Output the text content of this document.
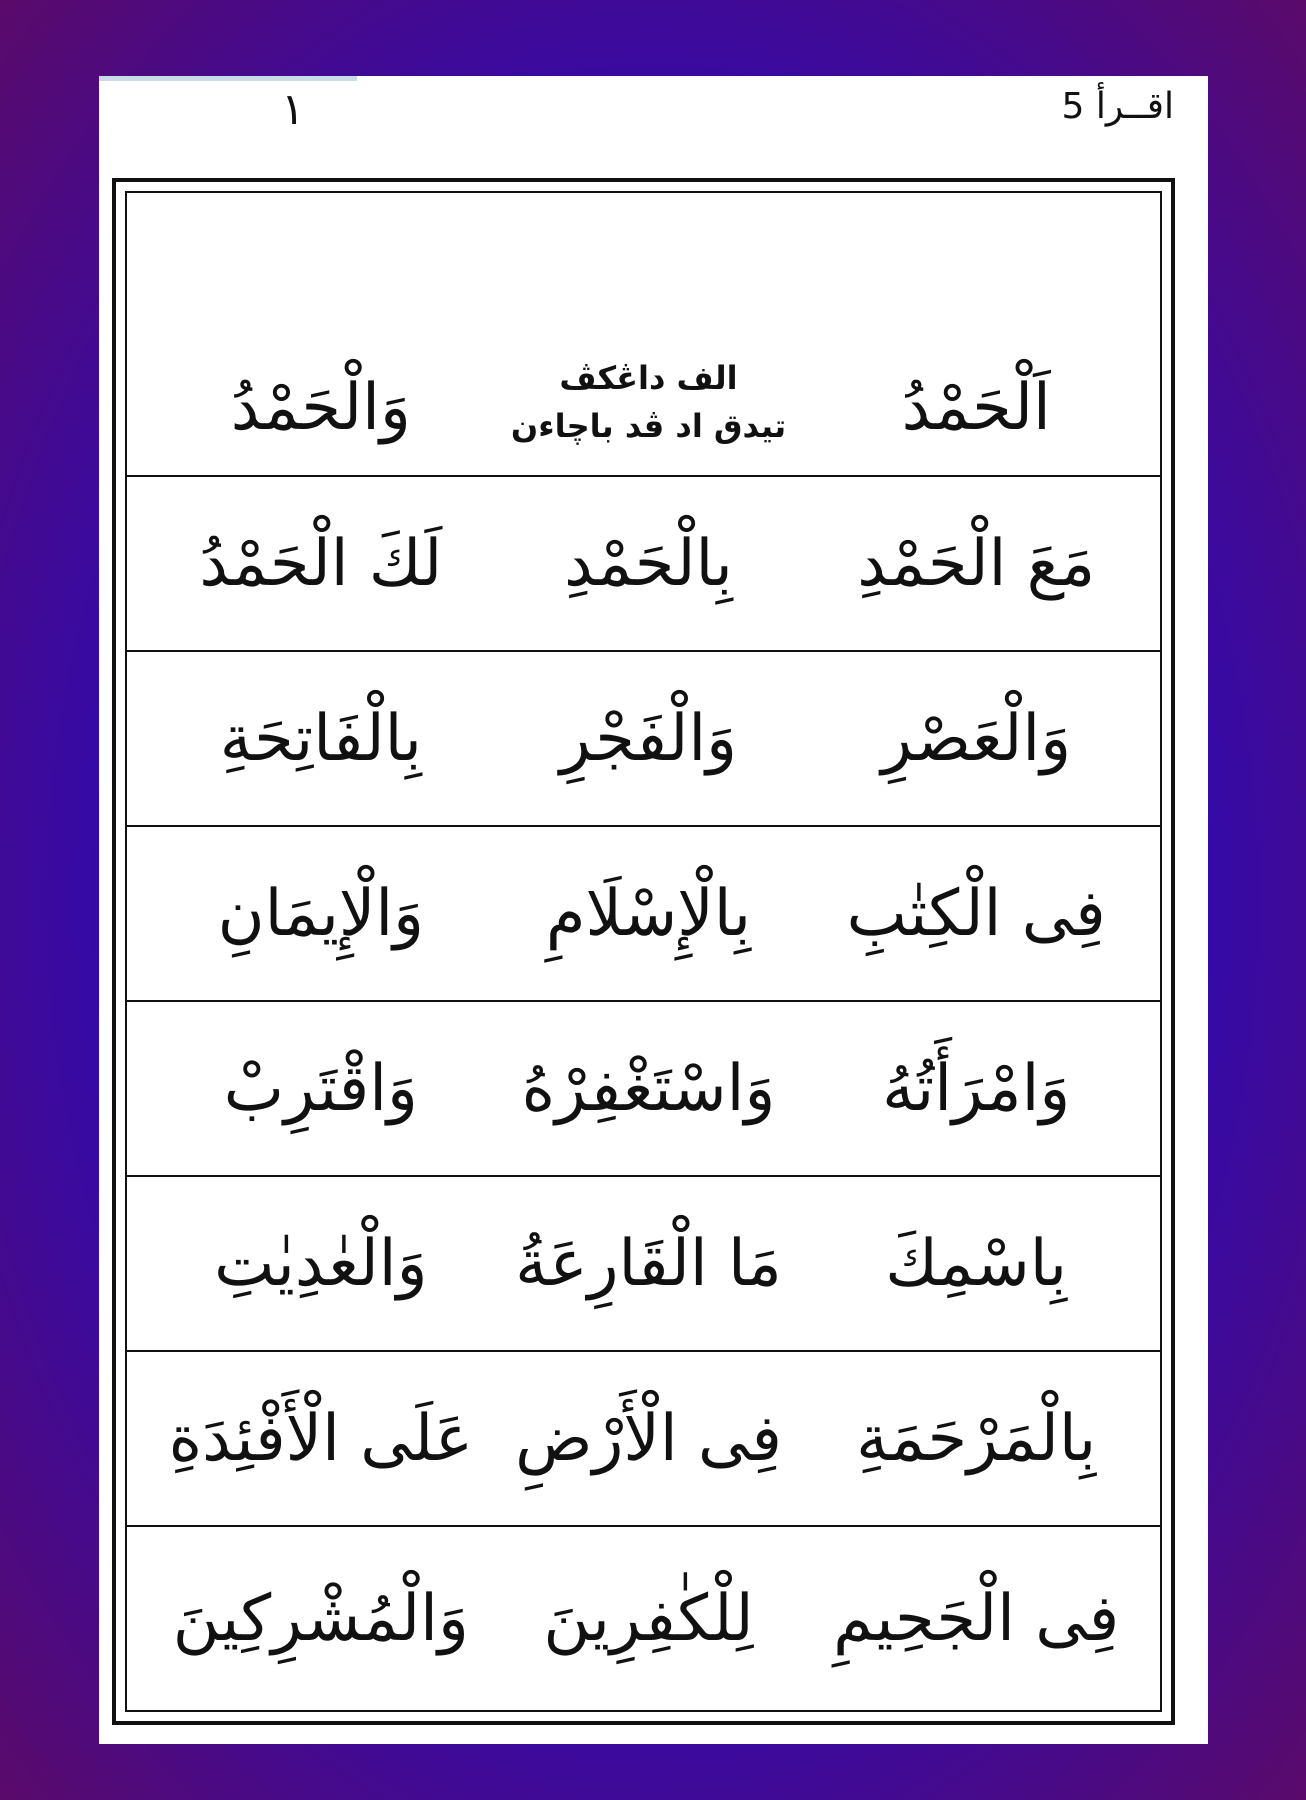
١	اقــرأ 5
اَلْحَمْدُ
الف داڠكڤ
تيدق اد ڤد باچاءن
وَالْحَمْدُ
مَعَ الْحَمْدِ
بِالْحَمْدِ
لَكَ الْحَمْدُ
وَالْعَصْرِ
وَالْفَجْرِ
بِالْفَاتِحَةِ
فِى الْكِتٰبِ
بِالْإِسْلَامِ
وَالْإِيمَانِ
وَامْرَأَتُهُ
وَاسْتَغْفِرْهُ
وَاقْتَرِبْ
بِاسْمِكَ
مَا الْقَارِعَةُ
وَالْعٰدِيٰتِ
بِالْمَرْحَمَةِ
فِى الْأَرْضِ
عَلَى الْأَفْئِدَةِ
فِى الْجَحِيمِ
لِلْكٰفِرِينَ
وَالْمُشْرِكِينَ
